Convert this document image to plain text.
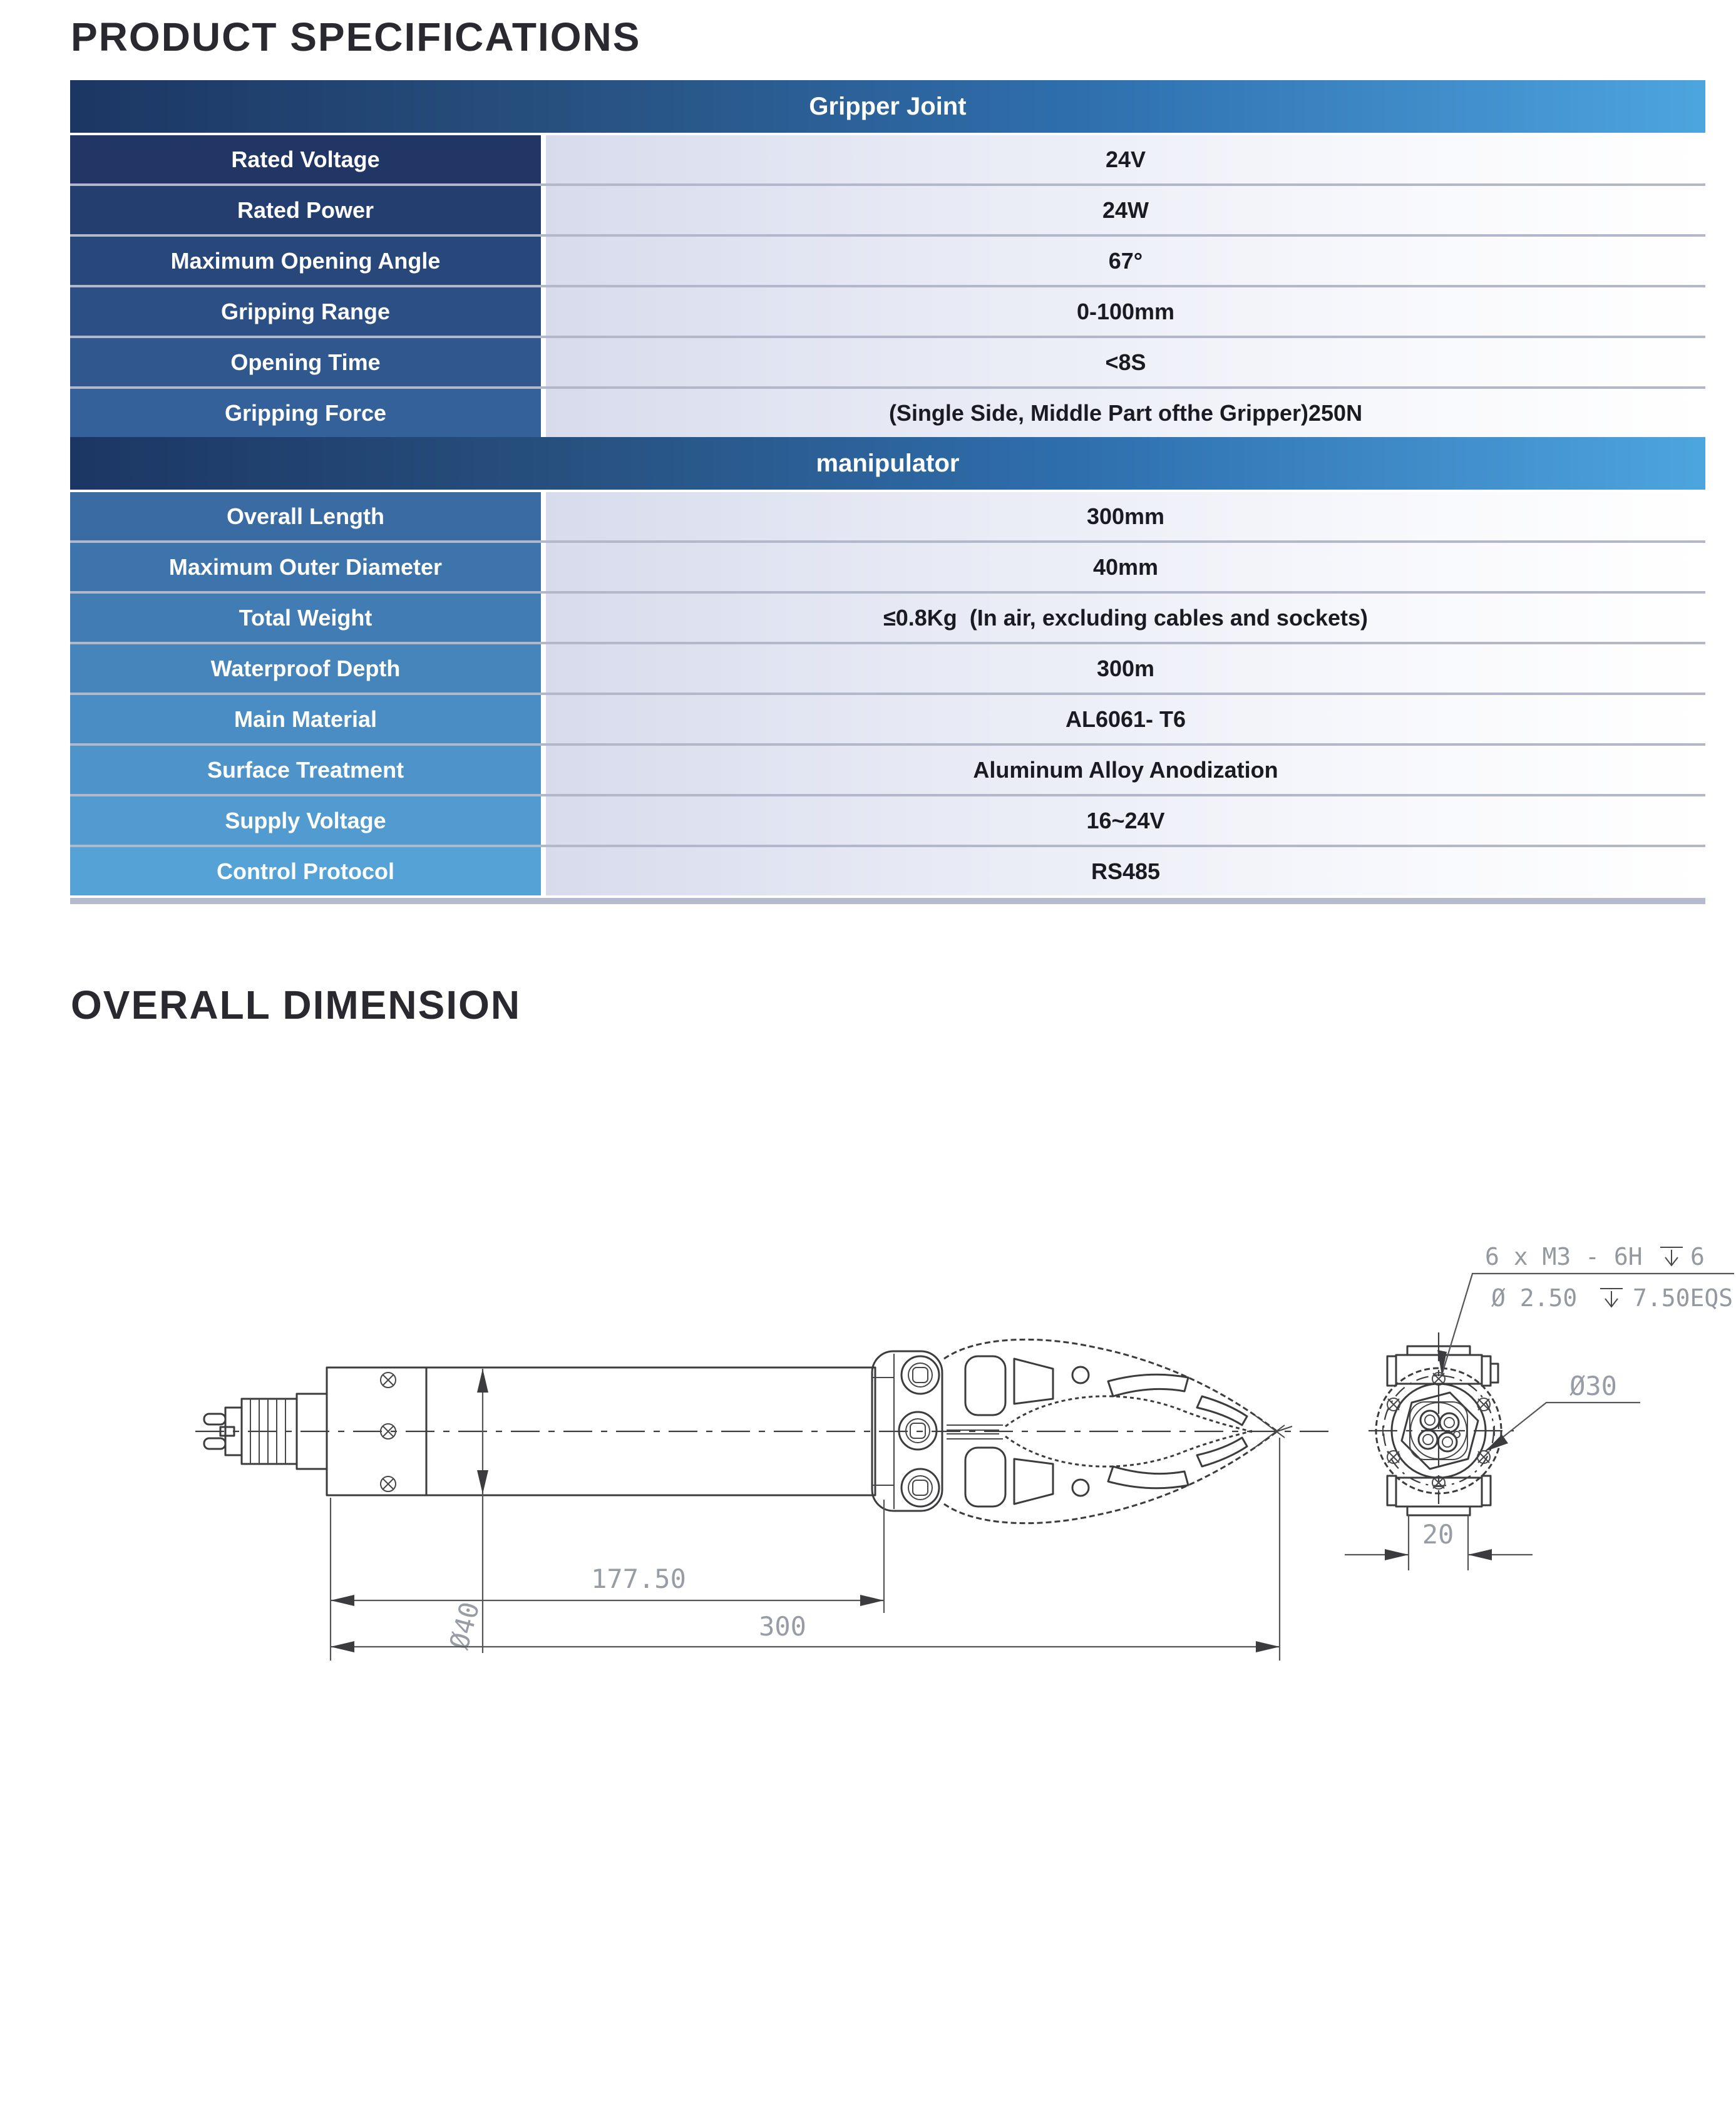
PRODUCT SPECIFICATIONS
Gripper Joint
Rated Voltage	24V
Rated Power	24W
Maximum Opening Angle	67°
Gripping Range	0-100mm
Opening Time	<8S
Gripping Force	(Single Side, Middle Part ofthe Gripper)250N
manipulator
Overall Length	300mm
Maximum Outer Diameter	40mm
Total Weight	≤0.8Kg  (In air, excluding cables and sockets)
Waterproof Depth	300m
Main Material	AL6061- T6
Surface Treatment	Aluminum Alloy Anodization
Supply Voltage	16~24V
Control Protocol	RS485
OVERALL DIMENSION
Ø40
177.50
300
20
Ø30
6 x M3 - 6H 6
Ø 2.50 7.50EQS
